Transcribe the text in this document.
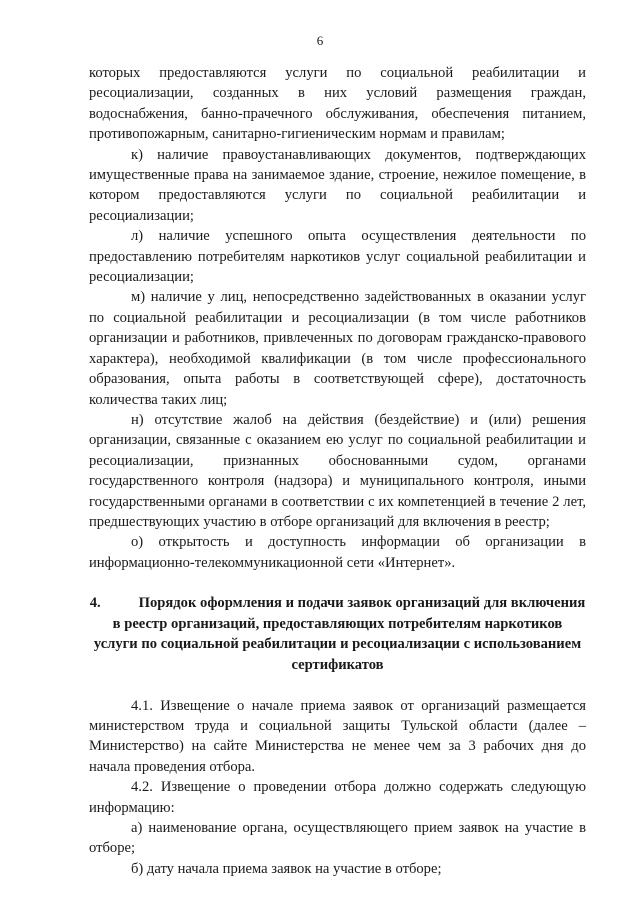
6

которых предоставляются услуги по социальной реабилитации и ресоциализации, созданных в них условий размещения граждан, водоснабжения, банно-прачечного обслуживания, обеспечения питанием, противопожарным, санитарно-гигиеническим нормам и правилам;

к) наличие правоустанавливающих документов, подтверждающих имущественные права на занимаемое здание, строение, нежилое помещение, в котором предоставляются услуги по социальной реабилитации и ресоциализации;

л) наличие успешного опыта осуществления деятельности по предоставлению потребителям наркотиков услуг социальной реабилитации и ресоциализации;

м) наличие у лиц, непосредственно задействованных в оказании услуг по социальной реабилитации и ресоциализации (в том числе работников организации и работников, привлеченных по договорам гражданско-правового характера), необходимой квалификации (в том числе профессионального образования, опыта работы в соответствующей сфере), достаточность количества таких лиц;

н) отсутствие жалоб на действия (бездействие) и (или) решения организации, связанные с оказанием ею услуг по социальной реабилитации и ресоциализации, признанных обоснованными судом, органами государственного контроля (надзора) и муниципального контроля, иными государственными органами в соответствии с их компетенцией в течение 2 лет, предшествующих участию в отборе организаций для включения в реестр;

о) открытость и доступность информации об организации в информационно-телекоммуникационной сети «Интернет».

4.	Порядок оформления и подачи заявок организаций для включения в реестр организаций, предоставляющих потребителям наркотиков услуги по социальной реабилитации и ресоциализации с использованием сертификатов

4.1. Извещение о начале приема заявок от организаций размещается министерством труда и социальной защиты Тульской области (далее – Министерство) на сайте Министерства не менее чем за 3 рабочих дня до начала проведения отбора.

4.2. Извещение о проведении отбора должно содержать следующую информацию:

а) наименование органа, осуществляющего прием заявок на участие в отборе;

б) дату начала приема заявок на участие в отборе;
